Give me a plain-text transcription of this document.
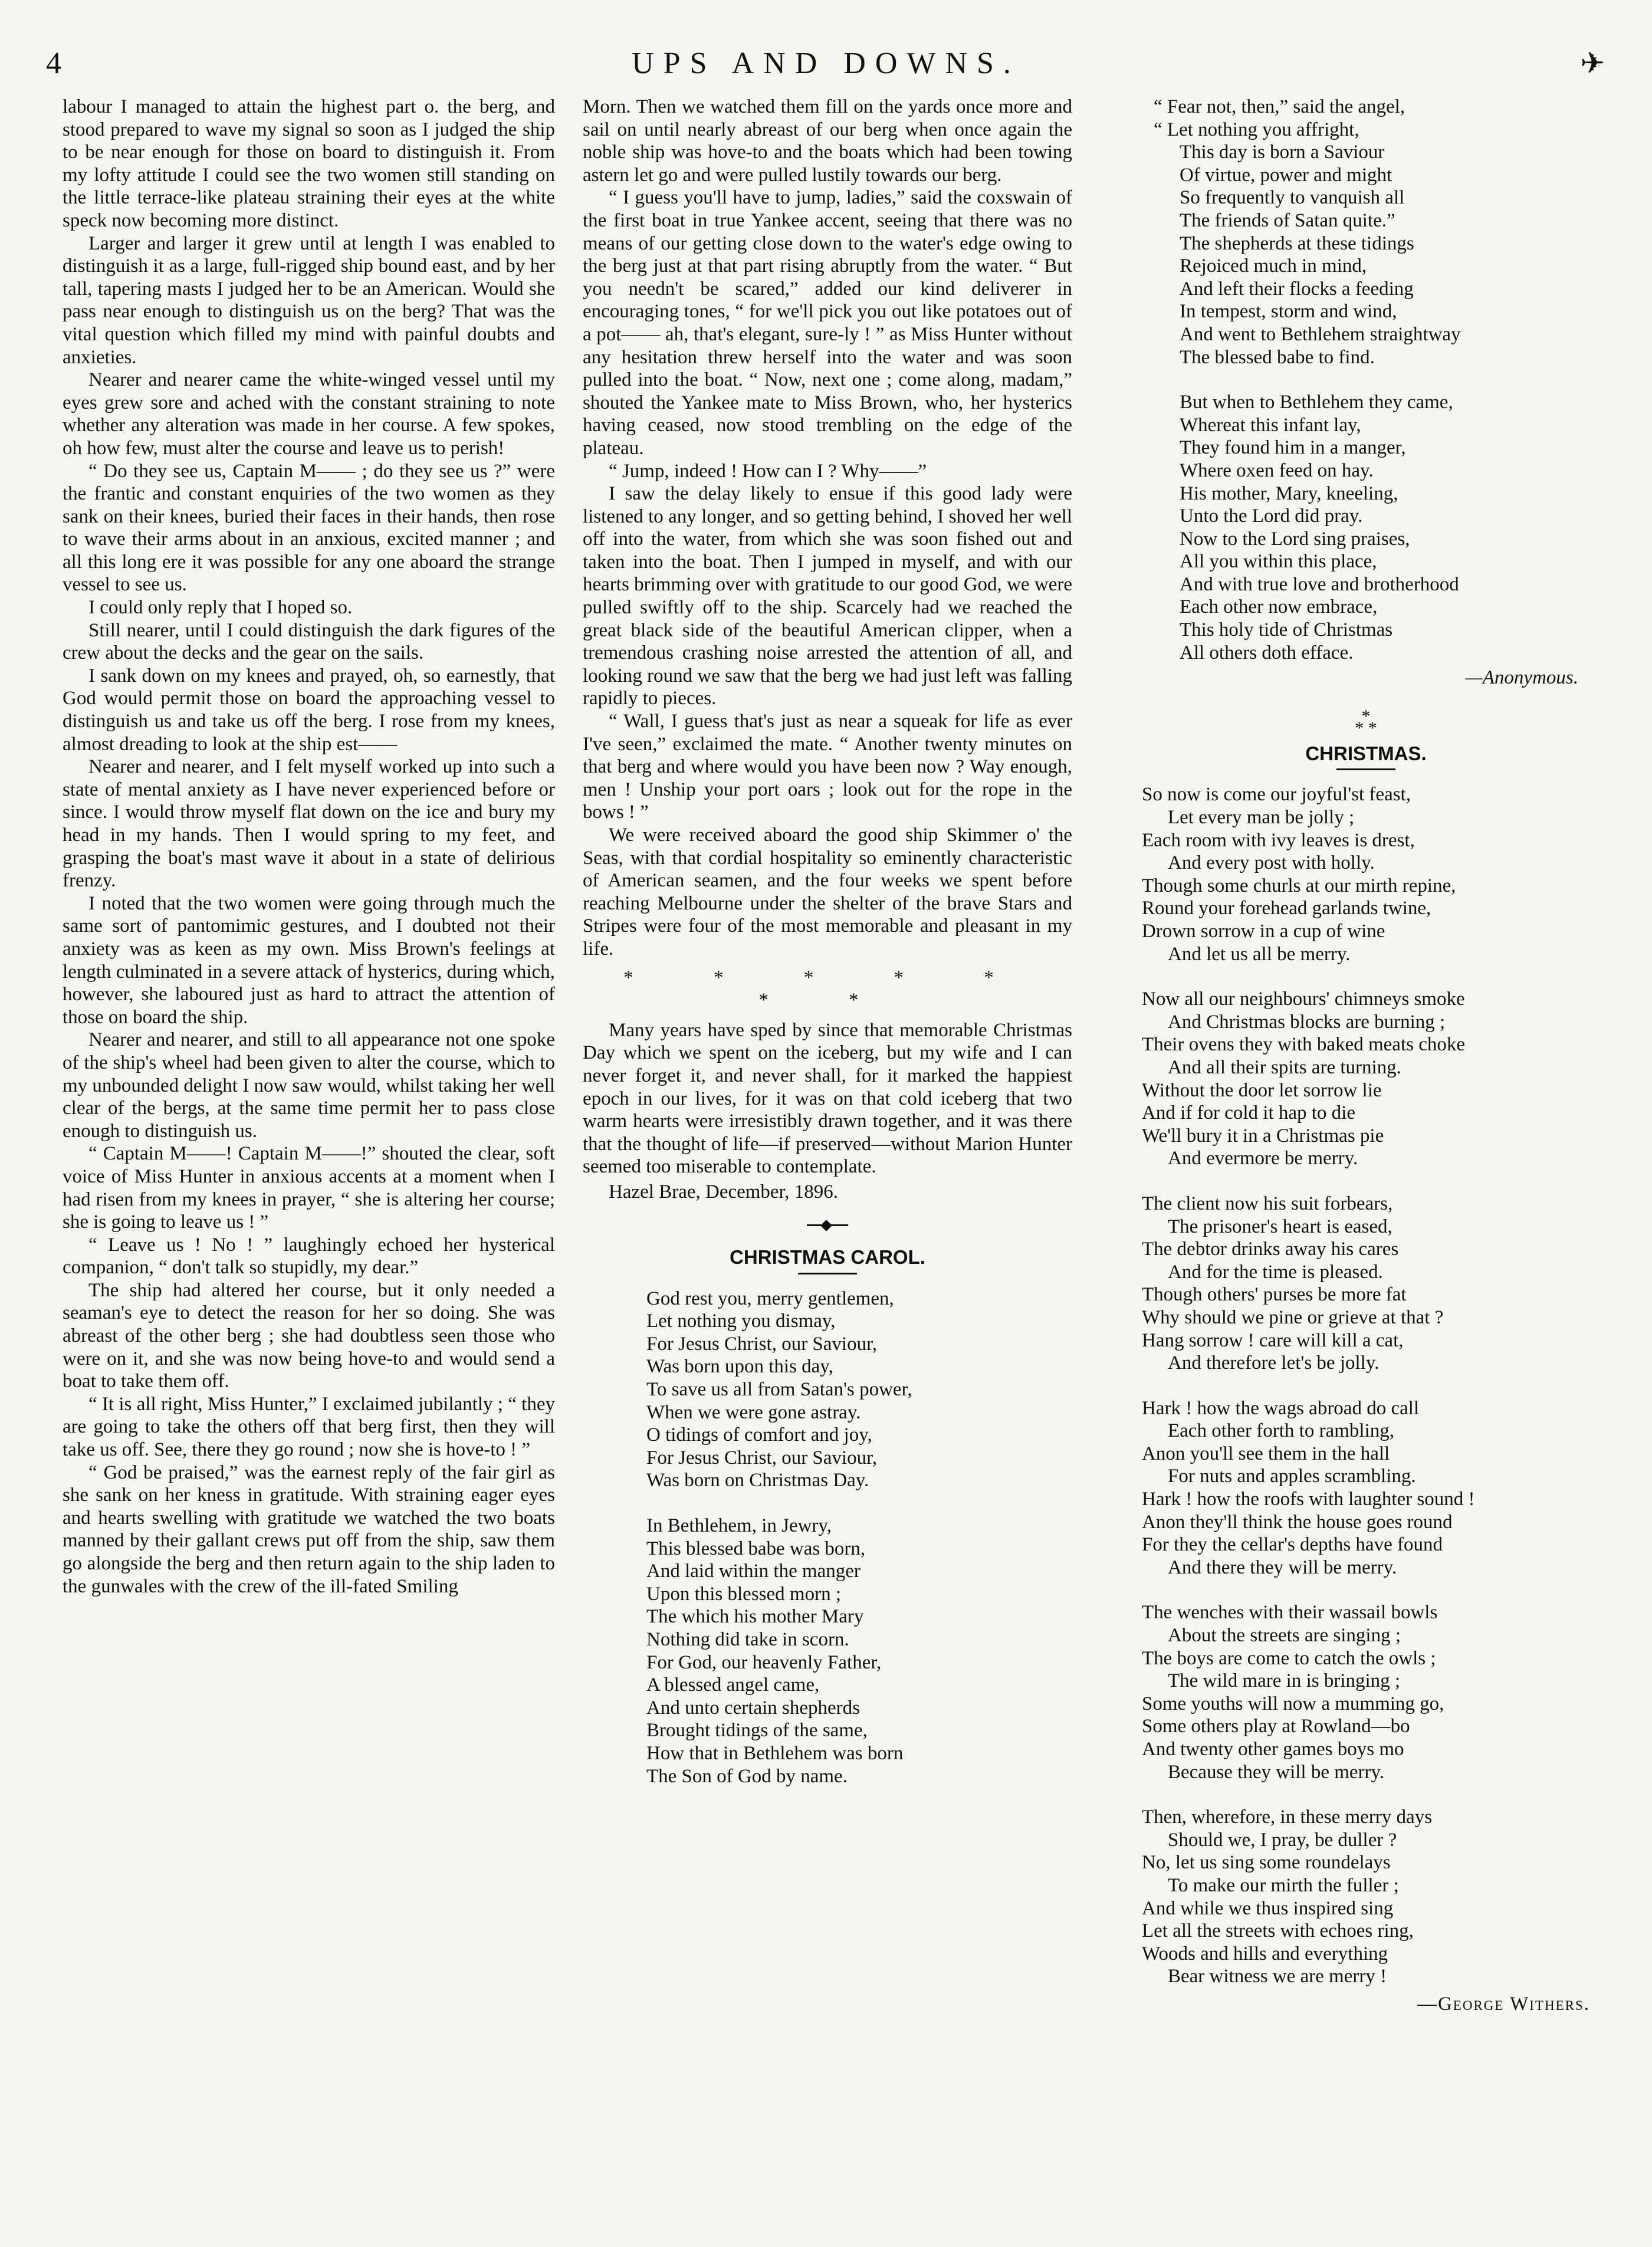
4	UPS AND DOWNS.	✈

labour I managed to attain the highest part o. the berg, and stood prepared to wave my signal so soon as I judged the ship to be near enough for those on board to distinguish it. From my lofty attitude I could see the two women still standing on the little terrace-like plateau straining their eyes at the white speck now becoming more distinct.

Larger and larger it grew until at length I was enabled to distinguish it as a large, full-rigged ship bound east, and by her tall, tapering masts I judged her to be an American. Would she pass near enough to distinguish us on the berg? That was the vital question which filled my mind with painful doubts and anxieties.

Nearer and nearer came the white-winged vessel until my eyes grew sore and ached with the constant straining to note whether any alteration was made in her course. A few spokes, oh how few, must alter the course and leave us to perish!

“ Do they see us, Captain M—— ; do they see us ?” were the frantic and constant enquiries of the two women as they sank on their knees, buried their faces in their hands, then rose to wave their arms about in an anxious, excited manner ; and all this long ere it was possible for any one aboard the strange vessel to see us.

I could only reply that I hoped so.

Still nearer, until I could distinguish the dark figures of the crew about the decks and the gear on the sails.

I sank down on my knees and prayed, oh, so earnestly, that God would permit those on board the approaching vessel to distinguish us and take us off the berg. I rose from my knees, almost dreading to look at the ship est——

Nearer and nearer, and I felt myself worked up into such a state of mental anxiety as I have never experienced before or since. I would throw myself flat down on the ice and bury my head in my hands. Then I would spring to my feet, and grasping the boat's mast wave it about in a state of delirious frenzy.

I noted that the two women were going through much the same sort of pantomimic gestures, and I doubted not their anxiety was as keen as my own. Miss Brown's feelings at length culminated in a severe attack of hysterics, during which, however, she laboured just as hard to attract the attention of those on board the ship.

Nearer and nearer, and still to all appearance not one spoke of the ship's wheel had been given to alter the course, which to my unbounded delight I now saw would, whilst taking her well clear of the bergs, at the same time permit her to pass close enough to distinguish us.

“ Captain M——! Captain M——!” shouted the clear, soft voice of Miss Hunter in anxious accents at a moment when I had risen from my knees in prayer, “ she is altering her course; she is going to leave us ! ”

“ Leave us ! No ! ” laughingly echoed her hysterical companion, “ don't talk so stupidly, my dear.”

The ship had altered her course, but it only needed a seaman's eye to detect the reason for her so doing. She was abreast of the other berg ; she had doubtless seen those who were on it, and she was now being hove-to and would send a boat to take them off.

“ It is all right, Miss Hunter,” I exclaimed jubilantly ; “ they are going to take the others off that berg first, then they will take us off. See, there they go round ; now she is hove-to ! ”

“ God be praised,” was the earnest reply of the fair girl as she sank on her kness in gratitude. With straining eager eyes and hearts swelling with gratitude we watched the two boats manned by their gallant crews put off from the ship, saw them go alongside the berg and then return again to the ship laden to the gunwales with the crew of the ill-fated Smiling

Morn. Then we watched them fill on the yards once more and sail on until nearly abreast of our berg when once again the noble ship was hove-to and the boats which had been towing astern let go and were pulled lustily towards our berg.

“ I guess you'll have to jump, ladies,” said the coxswain of the first boat in true Yankee accent, seeing that there was no means of our getting close down to the water's edge owing to the berg just at that part rising abruptly from the water. “ But you needn't be scared,” added our kind deliverer in encouraging tones, “ for we'll pick you out like potatoes out of a pot—— ah, that's elegant, sure-ly ! ” as Miss Hunter without any hesitation threw herself into the water and was soon pulled into the boat. “ Now, next one ; come along, madam,” shouted the Yankee mate to Miss Brown, who, her hysterics having ceased, now stood trembling on the edge of the plateau.

“ Jump, indeed ! How can I ? Why——”

I saw the delay likely to ensue if this good lady were listened to any longer, and so getting behind, I shoved her well off into the water, from which she was soon fished out and taken into the boat. Then I jumped in myself, and with our hearts brimming over with gratitude to our good God, we were pulled swiftly off to the ship. Scarcely had we reached the great black side of the beautiful American clipper, when a tremendous crashing noise arrested the attention of all, and looking round we saw that the berg we had just left was falling rapidly to pieces.

“ Wall, I guess that's just as near a squeak for life as ever I've seen,” exclaimed the mate. “ Another twenty minutes on that berg and where would you have been now ? Way enough, men ! Unship your port oars ; look out for the rope in the bows ! ”

We were received aboard the good ship Skimmer o' the Seas, with that cordial hospitality so eminently characteristic of American seamen, and the four weeks we spent before reaching Melbourne under the shelter of the brave Stars and Stripes were four of the most memorable and pleasant in my life.

* * * * * * *

Many years have sped by since that memorable Christmas Day which we spent on the iceberg, but my wife and I can never forget it, and never shall, for it marked the happiest epoch in our lives, for it was on that cold iceberg that two warm hearts were irresistibly drawn together, and it was there that the thought of life—if preserved—without Marion Hunter seemed too miserable to contemplate.

Hazel Brae, December, 1896.

CHRISTMAS CAROL.
God rest you, merry gentlemen,
Let nothing you dismay,
For Jesus Christ, our Saviour,
Was born upon this day,
To save us all from Satan's power,
When we were gone astray.
O tidings of comfort and joy,
For Jesus Christ, our Saviour,
Was born on Christmas Day.
In Bethlehem, in Jewry,
This blessed babe was born,
And laid within the manger
Upon this blessed morn ;
The which his mother Mary
Nothing did take in scorn.
For God, our heavenly Father,
A blessed angel came,
And unto certain shepherds
Brought tidings of the same,
How that in Bethlehem was born
The Son of God by name.
“ Fear not, then,” said the angel,
“ Let nothing you affright,
This day is born a Saviour
Of virtue, power and might
So frequently to vanquish all
The friends of Satan quite.”
The shepherds at these tidings
Rejoiced much in mind,
And left their flocks a feeding
In tempest, storm and wind,
And went to Bethlehem straightway
The blessed babe to find.
But when to Bethlehem they came,
Whereat this infant lay,
They found him in a manger,
Where oxen feed on hay.
His mother, Mary, kneeling,
Unto the Lord did pray.
Now to the Lord sing praises,
All you within this place,
And with true love and brotherhood
Each other now embrace,
This holy tide of Christmas
All others doth efface.
—Anonymous.
*
* *
CHRISTMAS.
So now is come our joyful'st feast,
Let every man be jolly ;
Each room with ivy leaves is drest,
And every post with holly.
Though some churls at our mirth repine,
Round your forehead garlands twine,
Drown sorrow in a cup of wine
And let us all be merry.
Now all our neighbours' chimneys smoke
And Christmas blocks are burning ;
Their ovens they with baked meats choke
And all their spits are turning.
Without the door let sorrow lie
And if for cold it hap to die
We'll bury it in a Christmas pie
And evermore be merry.
The client now his suit forbears,
The prisoner's heart is eased,
The debtor drinks away his cares
And for the time is pleased.
Though others' purses be more fat
Why should we pine or grieve at that ?
Hang sorrow ! care will kill a cat,
And therefore let's be jolly.
Hark ! how the wags abroad do call
Each other forth to rambling,
Anon you'll see them in the hall
For nuts and apples scrambling.
Hark ! how the roofs with laughter sound !
Anon they'll think the house goes round
For they the cellar's depths have found
And there they will be merry.
The wenches with their wassail bowls
About the streets are singing ;
The boys are come to catch the owls ;
The wild mare in is bringing ;
Some youths will now a mumming go,
Some others play at Rowland—bo
And twenty other games boys mo
Because they will be merry.
Then, wherefore, in these merry days
Should we, I pray, be duller ?
No, let us sing some roundelays
To make our mirth the fuller ;
And while we thus inspired sing
Let all the streets with echoes ring,
Woods and hills and everything
Bear witness we are merry !
—George Withers.
